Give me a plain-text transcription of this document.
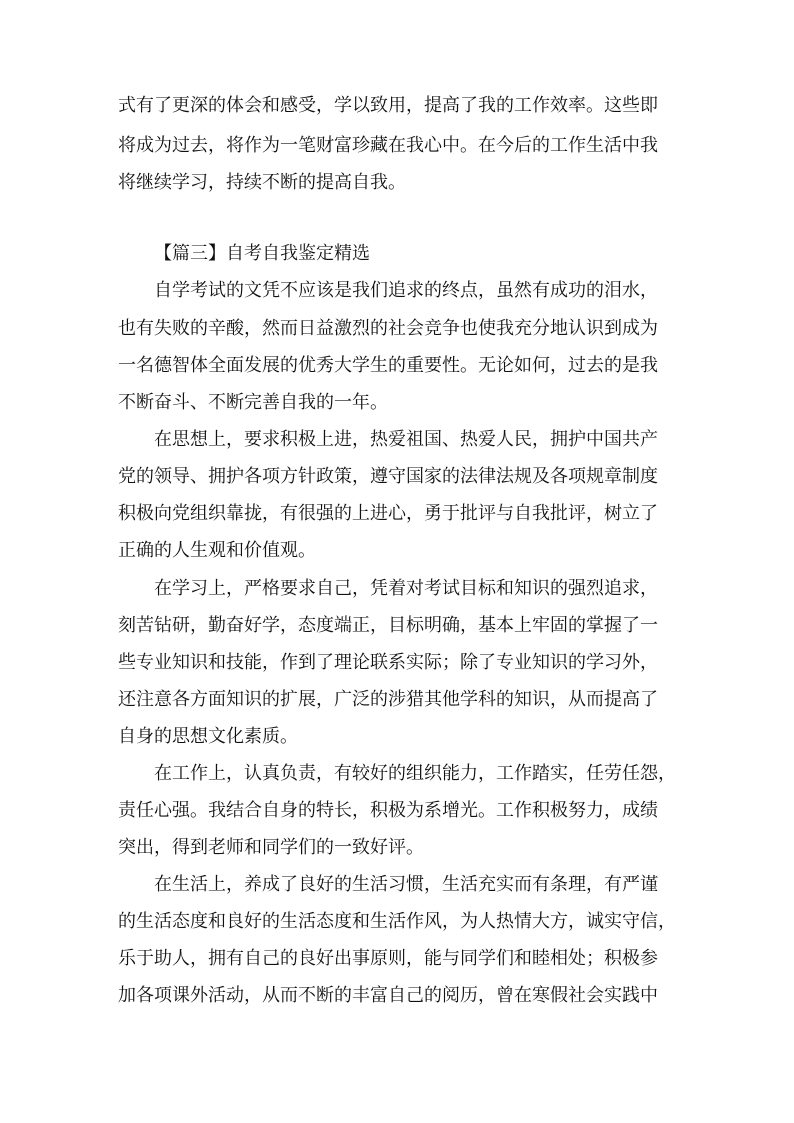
式有了更深的体会和感受，学以致用，提高了我的工作效率。这些即
将成为过去，将作为一笔财富珍藏在我心中。在今后的工作生活中我
将继续学习，持续不断的提高自我。
【篇三】自考自我鉴定精选
自学考试的文凭不应该是我们追求的终点，虽然有成功的泪水，
也有失败的辛酸，然而日益激烈的社会竞争也使我充分地认识到成为
一名德智体全面发展的优秀大学生的重要性。无论如何，过去的是我
不断奋斗、不断完善自我的一年。
在思想上，要求积极上进，热爱祖国、热爱人民，拥护中国共产
党的领导、拥护各项方针政策，遵守国家的法律法规及各项规章制度
积极向党组织靠拢，有很强的上进心，勇于批评与自我批评，树立了
正确的人生观和价值观。
在学习上，严格要求自己，凭着对考试目标和知识的强烈追求，
刻苦钻研，勤奋好学，态度端正，目标明确，基本上牢固的掌握了一
些专业知识和技能，作到了理论联系实际；除了专业知识的学习外，
还注意各方面知识的扩展，广泛的涉猎其他学科的知识，从而提高了
自身的思想文化素质。
在工作上，认真负责，有较好的组织能力，工作踏实，任劳任怨，
责任心强。我结合自身的特长，积极为系增光。工作积极努力，成绩
突出，得到老师和同学们的一致好评。
在生活上，养成了良好的生活习惯，生活充实而有条理，有严谨
的生活态度和良好的生活态度和生活作风，为人热情大方，诚实守信，
乐于助人，拥有自己的良好出事原则，能与同学们和睦相处；积极参
加各项课外活动，从而不断的丰富自己的阅历，曾在寒假社会实践中
